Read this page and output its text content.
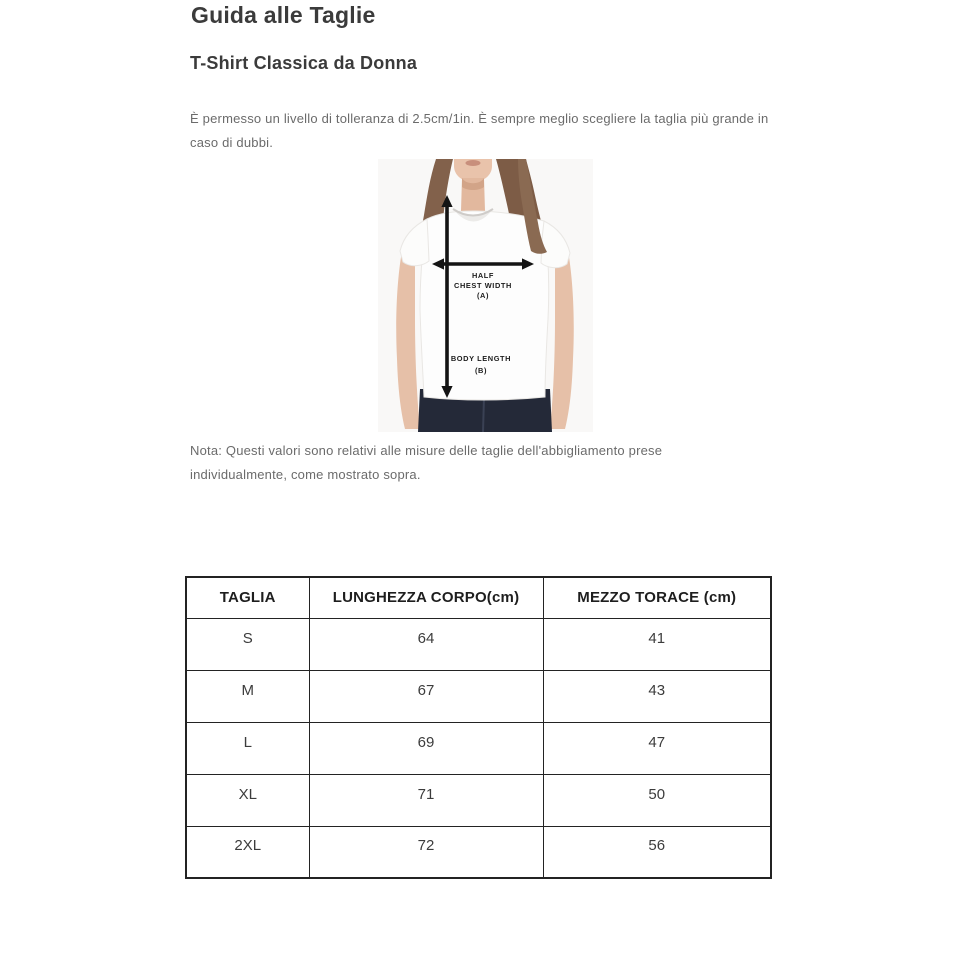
Guida alle Taglie
T-Shirt Classica da Donna

È permesso un livello di tolleranza di 2.5cm/1in. È sempre meglio scegliere la taglia più grande in caso di dubbi.

HALF
CHEST WIDTH
(A)
BODY LENGTH
(B)

Nota: Questi valori sono relativi alle misure delle taglie dell'abbigliamento prese individualmente, come mostrato sopra.

TAGLIA	LUNGHEZZA CORPO(cm)	MEZZO TORACE (cm)
S	64	41
M	67	43
L	69	47
XL	71	50
2XL	72	56
